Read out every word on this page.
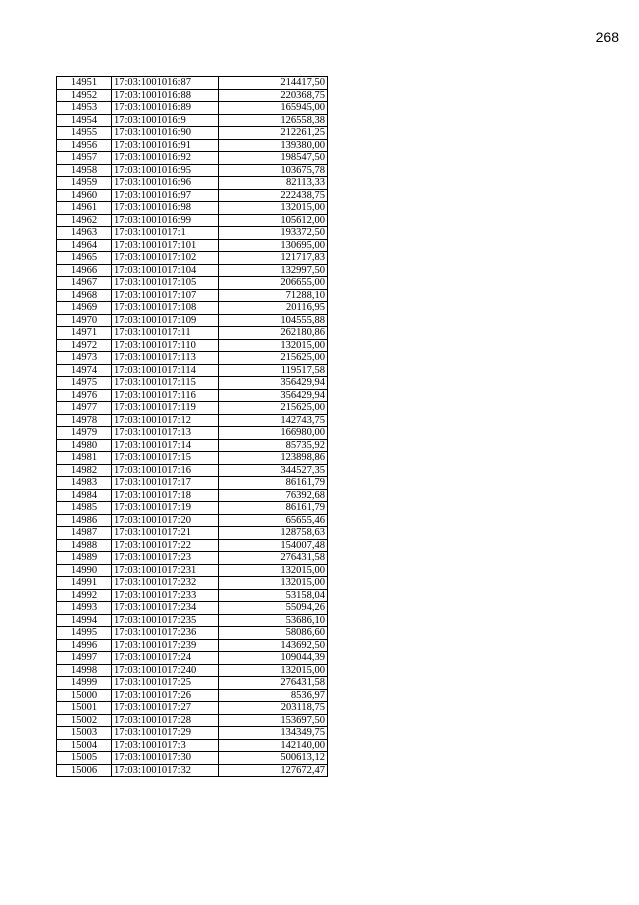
268
14951	17:03:1001016:87	214417,50
14952	17:03:1001016:88	220368,75
14953	17:03:1001016:89	165945,00
14954	17:03:1001016:9	126558,38
14955	17:03:1001016:90	212261,25
14956	17:03:1001016:91	139380,00
14957	17:03:1001016:92	198547,50
14958	17:03:1001016:95	103675,78
14959	17:03:1001016:96	82113,33
14960	17:03:1001016:97	222438,75
14961	17:03:1001016:98	132015,00
14962	17:03:1001016:99	105612,00
14963	17:03:1001017:1	193372,50
14964	17:03:1001017:101	130695,00
14965	17:03:1001017:102	121717,83
14966	17:03:1001017:104	132997,50
14967	17:03:1001017:105	206655,00
14968	17:03:1001017:107	71288,10
14969	17:03:1001017:108	20116,95
14970	17:03:1001017:109	104555,88
14971	17:03:1001017:11	262180,86
14972	17:03:1001017:110	132015,00
14973	17:03:1001017:113	215625,00
14974	17:03:1001017:114	119517,58
14975	17:03:1001017:115	356429,94
14976	17:03:1001017:116	356429,94
14977	17:03:1001017:119	215625,00
14978	17:03:1001017:12	142743,75
14979	17:03:1001017:13	166980,00
14980	17:03:1001017:14	85735,92
14981	17:03:1001017:15	123898,86
14982	17:03:1001017:16	344527,35
14983	17:03:1001017:17	86161,79
14984	17:03:1001017:18	76392,68
14985	17:03:1001017:19	86161,79
14986	17:03:1001017:20	65655,46
14987	17:03:1001017:21	128758,63
14988	17:03:1001017:22	154007,48
14989	17:03:1001017:23	276431,58
14990	17:03:1001017:231	132015,00
14991	17:03:1001017:232	132015,00
14992	17:03:1001017:233	53158,04
14993	17:03:1001017:234	55094,26
14994	17:03:1001017:235	53686,10
14995	17:03:1001017:236	58086,60
14996	17:03:1001017:239	143692,50
14997	17:03:1001017:24	109044,39
14998	17:03:1001017:240	132015,00
14999	17:03:1001017:25	276431,58
15000	17:03:1001017:26	8536,97
15001	17:03:1001017:27	203118,75
15002	17:03:1001017:28	153697,50
15003	17:03:1001017:29	134349,75
15004	17:03:1001017:3	142140,00
15005	17:03:1001017:30	500613,12
15006	17:03:1001017:32	127672,47
